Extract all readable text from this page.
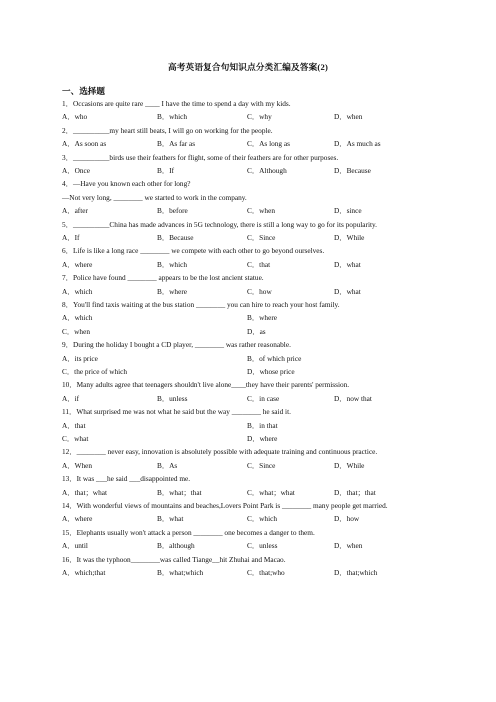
高考英语复合句知识点分类汇编及答案(2)
一、选择题
1．Occasions are quite rare ____ I have the time to spend a day with my kids.
A．who	B．which	C．why	D．when
2．__________my heart still beats, I will go on working for the people.
A．As soon as	B．As far as	C．As long as	D．As much as
3．__________birds use their feathers for flight, some of their feathers are for other purposes.
A．Once	B．If	C．Although	D．Because
4．—Have you known each other for long?
—Not very long, ________ we started to work in the company.
A．after	B．before	C．when	D．since
5．__________China has made advances in 5G technology, there is still a long way to go for its popularity.
A．If	B．Because	C．Since	D．While
6．Life is like a long race ________ we compete with each other to go beyond ourselves.
A．where	B．which	C．that	D．what
7．Police have found ________ appears to be the lost ancient statue.
A．which	B．where	C．how	D．what
8．You'll find taxis waiting at the bus station ________ you can hire to reach your host family.
A．which	B．where
C．when	D．as
9．During the holiday I bought a CD player, ________ was rather reasonable.
A．its price	B．of which price
C．the price of which	D．whose price
10．Many adults agree that teenagers shouldn't live alone____they have their parents' permission.
A．if	B．unless	C．in case	D．now that
11．What surprised me was not what he said but the way ________ he said it.
A．that	B．in that
C．what	D．where
12．________ never easy, innovation is absolutely possible with adequate training and continuous practice.
A．When	B．As	C．Since	D．While
13．It was ___he said ___disappointed me.
A．that；what	B．what；that	C．what；what	D．that；that
14．With wonderful views of mountains and beaches,Lovers Point Park is ________ many people get married.
A．where	B．what	C．which	D．how
15．Elephants usually won't attack a person ________ one becomes a danger to them.
A．until	B．although	C．unless	D．when
16．It was the typhoon________was called Tiange__hit Zhuhai and Macao.
A．which;that	B．what;which	C．that;who	D．that;which
